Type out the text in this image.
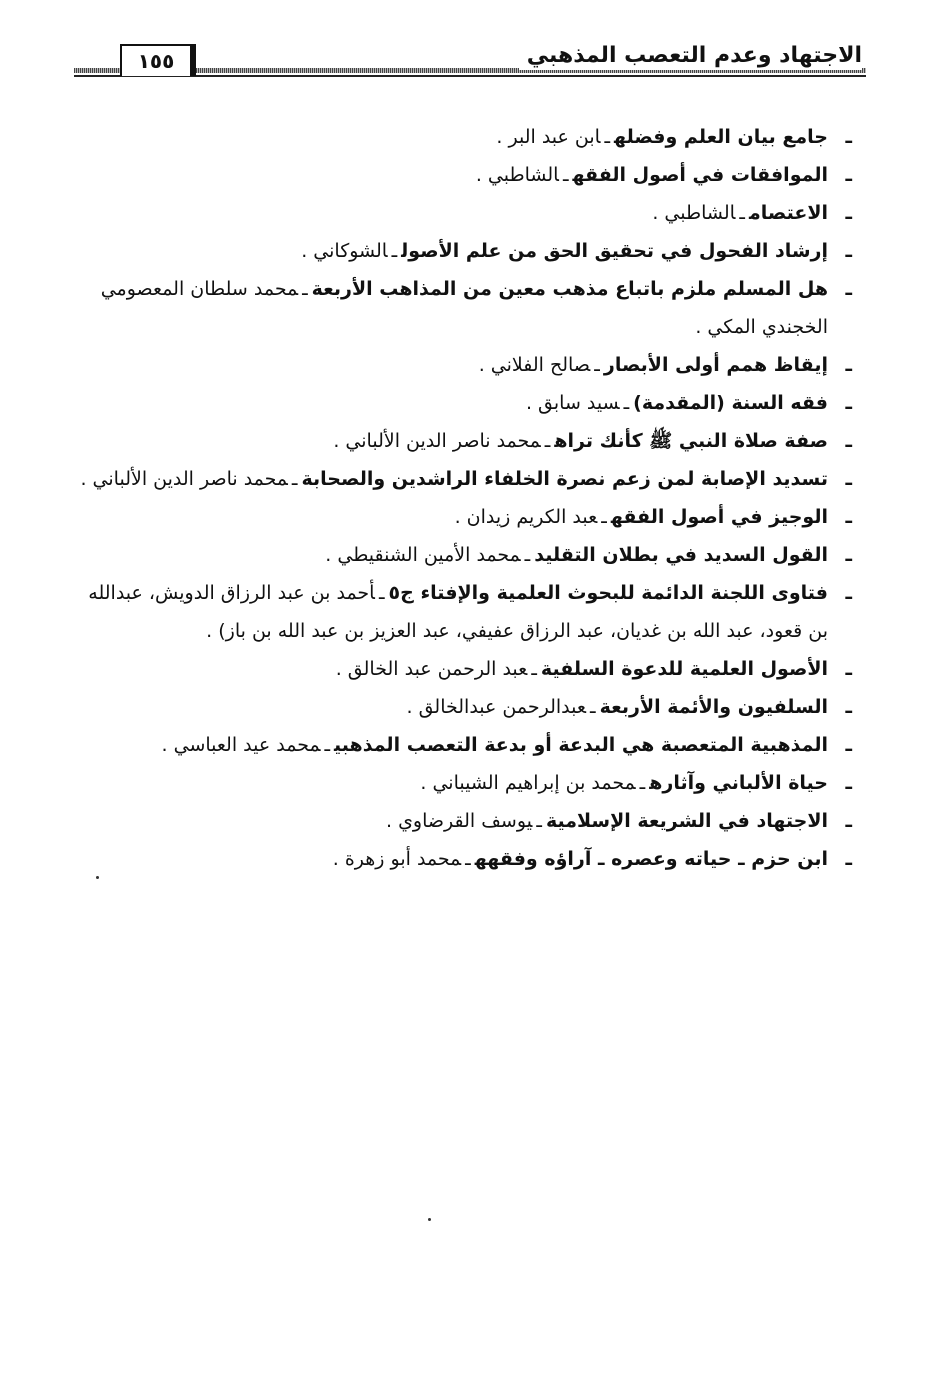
الاجتهاد وعدم التعصب المذهبي
١٥٥
ـ جامع بيان العلم وفضلهـابن عبد البر .
ـ الموافقات في أصول الفقهـالشاطبي .
ـ الاعتصامـالشاطبي .
ـ إرشاد الفحول في تحقيق الحق من علم الأصولـالشوكاني .
ـ هل المسلم ملزم باتباع مذهب معين من المذاهب الأربعةـمحمد سلطان المعصومي الخجندي المكي .
ـ إيقاظ همم أولى الأبصارـصالح الفلاني .
ـ فقه السنة (المقدمة)ـسيد سابق .
ـ صفة صلاة النبي ﷺ كأنك تراهـمحمد ناصر الدين الألباني .
ـ تسديد الإصابة لمن زعم نصرة الخلفاء الراشدين والصحابةـمحمد ناصر الدين الألباني .
ـ الوجيز في أصول الفقهـعبد الكريم زيدان .
ـ القول السديد في بطلان التقليدـمحمد الأمين الشنقيطي .
ـ فتاوى اللجنة الدائمة للبحوث العلمية والإفتاء ج٥ـأحمد بن عبد الرزاق الدويش، عبدالله بن قعود، عبد الله بن غديان، عبد الرزاق عفيفي، عبد العزيز بن عبد الله بن باز) .
ـ الأصول العلمية للدعوة السلفيةـعبد الرحمن عبد الخالق .
ـ السلفيون والأئمة الأربعةـعبدالرحمن عبدالخالق .
ـ المذهبية المتعصبة هي البدعة أو بدعة التعصب المذهبيـمحمد عيد العباسي .
ـ حياة الألباني وآثارهـمحمد بن إبراهيم الشيباني .
ـ الاجتهاد في الشريعة الإسلاميةـيوسف القرضاوي .
ـ ابن حزم ـ حياته وعصره ـ آراؤه وفقههـمحمد أبو زهرة .
